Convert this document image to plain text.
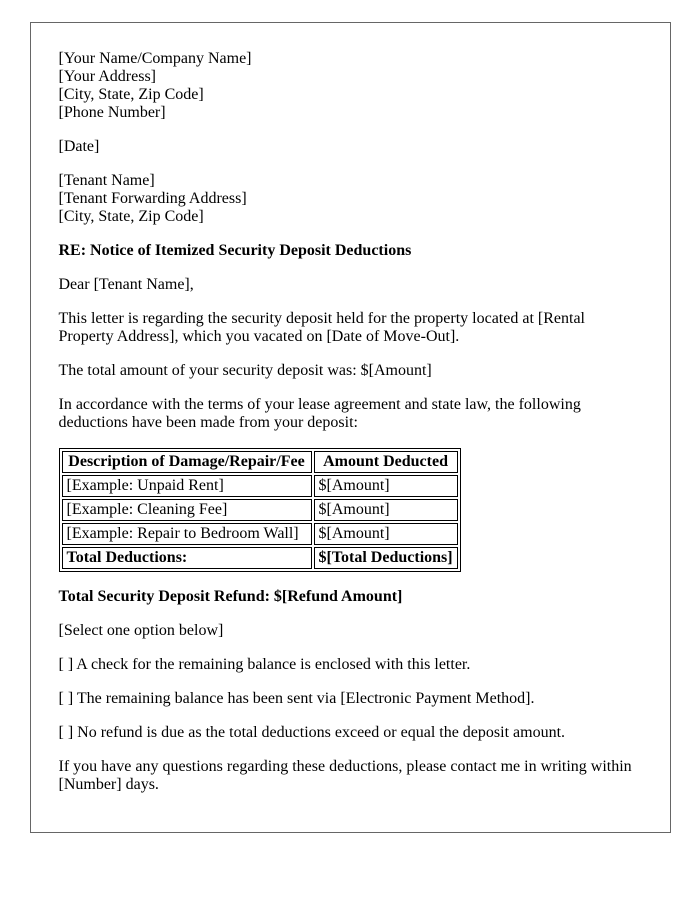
[Your Name/Company Name]
[Your Address]
[City, State, Zip Code]
[Phone Number]
[Date]
[Tenant Name]
[Tenant Forwarding Address]
[City, State, Zip Code]
RE: Notice of Itemized Security Deposit Deductions
Dear [Tenant Name],
This letter is regarding the security deposit held for the property located at [Rental Property Address], which you vacated on [Date of Move-Out].
The total amount of your security deposit was: $[Amount]
In accordance with the terms of your lease agreement and state law, the following deductions have been made from your deposit:
Description of Damage/Repair/Fee	Amount Deducted
[Example: Unpaid Rent]	$[Amount]
[Example: Cleaning Fee]	$[Amount]
[Example: Repair to Bedroom Wall]	$[Amount]
Total Deductions:	$[Total Deductions]
Total Security Deposit Refund: $[Refund Amount]
[Select one option below]
[ ] A check for the remaining balance is enclosed with this letter.
[ ] The remaining balance has been sent via [Electronic Payment Method].
[ ] No refund is due as the total deductions exceed or equal the deposit amount.
If you have any questions regarding these deductions, please contact me in writing within [Number] days.
